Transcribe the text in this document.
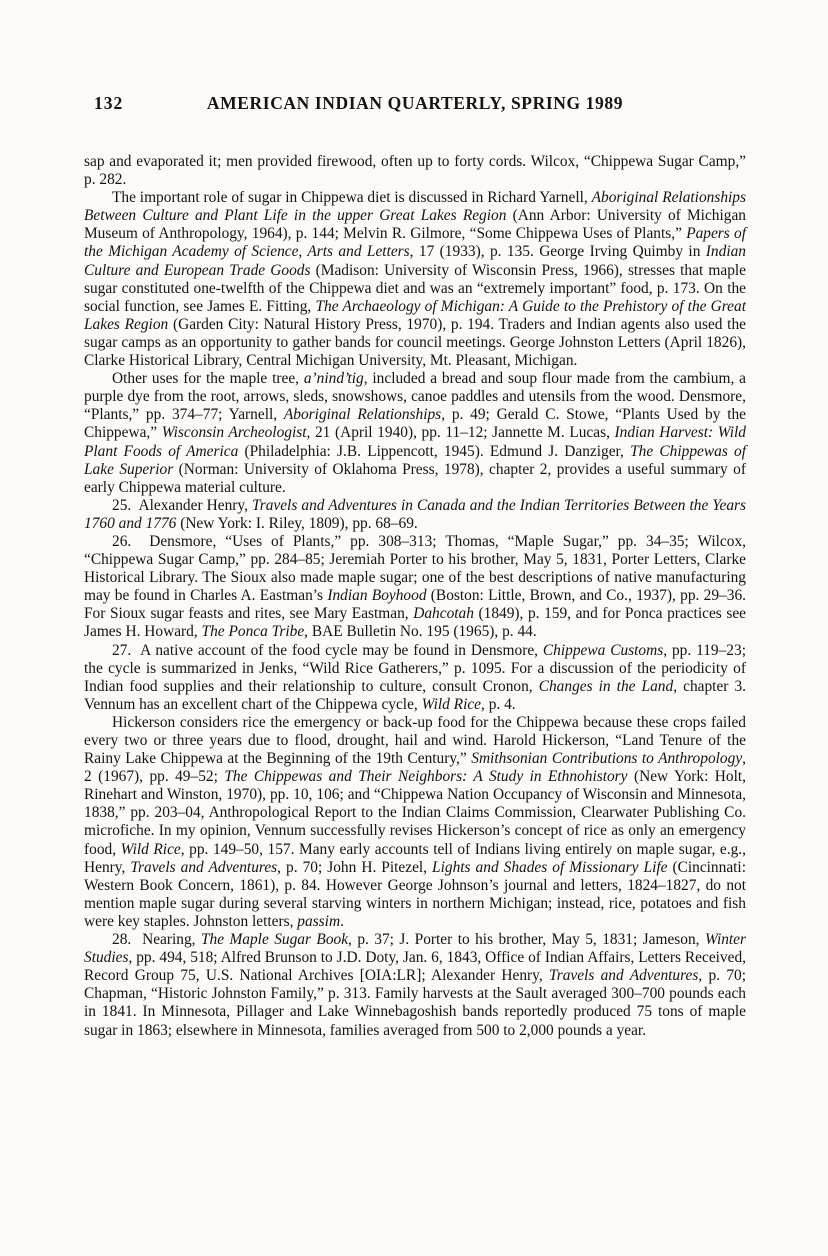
132	AMERICAN INDIAN QUARTERLY, SPRING 1989

sap and evaporated it; men provided firewood, often up to forty cords. Wilcox, “Chippewa Sugar Camp,” p. 282.

The important role of sugar in Chippewa diet is discussed in Richard Yarnell, Aboriginal Relationships Between Culture and Plant Life in the upper Great Lakes Region (Ann Arbor: University of Michigan Museum of Anthropology, 1964), p. 144; Melvin R. Gilmore, “Some Chippewa Uses of Plants,” Papers of the Michigan Academy of Science, Arts and Letters, 17 (1933), p. 135. George Irving Quimby in Indian Culture and European Trade Goods (Madison: University of Wisconsin Press, 1966), stresses that maple sugar constituted one-twelfth of the Chippewa diet and was an “extremely important” food, p. 173. On the social function, see James E. Fitting, The Archaeology of Michigan: A Guide to the Prehistory of the Great Lakes Region (Garden City: Natural History Press, 1970), p. 194. Traders and Indian agents also used the sugar camps as an opportunity to gather bands for council meetings. George Johnston Letters (April 1826), Clarke Historical Library, Central Michigan University, Mt. Pleasant, Michigan.

Other uses for the maple tree, a’nind’tig, included a bread and soup flour made from the cambium, a purple dye from the root, arrows, sleds, snowshows, canoe paddles and utensils from the wood. Densmore, “Plants,” pp. 374–77; Yarnell, Aboriginal Relationships, p. 49; Gerald C. Stowe, “Plants Used by the Chippewa,” Wisconsin Archeologist, 21 (April 1940), pp. 11–12; Jannette M. Lucas, Indian Harvest: Wild Plant Foods of America (Philadelphia: J.B. Lippencott, 1945). Edmund J. Danziger, The Chippewas of Lake Superior (Norman: University of Oklahoma Press, 1978), chapter 2, provides a useful summary of early Chippewa material culture.

25.  Alexander Henry, Travels and Adventures in Canada and the Indian Territories Between the Years 1760 and 1776 (New York: I. Riley, 1809), pp. 68–69.

26.  Densmore, “Uses of Plants,” pp. 308–313; Thomas, “Maple Sugar,” pp. 34–35; Wilcox, “Chippewa Sugar Camp,” pp. 284–85; Jeremiah Porter to his brother, May 5, 1831, Porter Letters, Clarke Historical Library. The Sioux also made maple sugar; one of the best descriptions of native manufacturing may be found in Charles A. Eastman’s Indian Boyhood (Boston: Little, Brown, and Co., 1937), pp. 29–36. For Sioux sugar feasts and rites, see Mary Eastman, Dahcotah (1849), p. 159, and for Ponca practices see James H. Howard, The Ponca Tribe, BAE Bulletin No. 195 (1965), p. 44.

27.  A native account of the food cycle may be found in Densmore, Chippewa Customs, pp. 119–23; the cycle is summarized in Jenks, “Wild Rice Gatherers,” p. 1095. For a discussion of the periodicity of Indian food supplies and their relationship to culture, consult Cronon, Changes in the Land, chapter 3. Vennum has an excellent chart of the Chippewa cycle, Wild Rice, p. 4.

Hickerson considers rice the emergency or back-up food for the Chippewa because these crops failed every two or three years due to flood, drought, hail and wind. Harold Hickerson, “Land Tenure of the Rainy Lake Chippewa at the Beginning of the 19th Century,” Smithsonian Contributions to Anthropology, 2 (1967), pp. 49–52; The Chippewas and Their Neighbors: A Study in Ethnohistory (New York: Holt, Rinehart and Winston, 1970), pp. 10, 106; and “Chippewa Nation Occupancy of Wisconsin and Minnesota, 1838,” pp. 203–04, Anthropological Report to the Indian Claims Commission, Clearwater Publishing Co. microfiche. In my opinion, Vennum successfully revises Hickerson’s concept of rice as only an emergency food, Wild Rice, pp. 149–50, 157. Many early accounts tell of Indians living entirely on maple sugar, e.g., Henry, Travels and Adventures, p. 70; John H. Pitezel, Lights and Shades of Missionary Life (Cincinnati: Western Book Concern, 1861), p. 84. However George Johnson’s journal and letters, 1824–1827, do not mention maple sugar during several starving winters in northern Michigan; instead, rice, potatoes and fish were key staples. Johnston letters, passim.

28.  Nearing, The Maple Sugar Book, p. 37; J. Porter to his brother, May 5, 1831; Jameson, Winter Studies, pp. 494, 518; Alfred Brunson to J.D. Doty, Jan. 6, 1843, Office of Indian Affairs, Letters Received, Record Group 75, U.S. National Archives [OIA:LR]; Alexander Henry, Travels and Adventures, p. 70; Chapman, “Historic Johnston Family,” p. 313. Family harvests at the Sault averaged 300–700 pounds each in 1841. In Minnesota, Pillager and Lake Winnebagoshish bands reportedly produced 75 tons of maple sugar in 1863; elsewhere in Minnesota, families averaged from 500 to 2,000 pounds a year.
